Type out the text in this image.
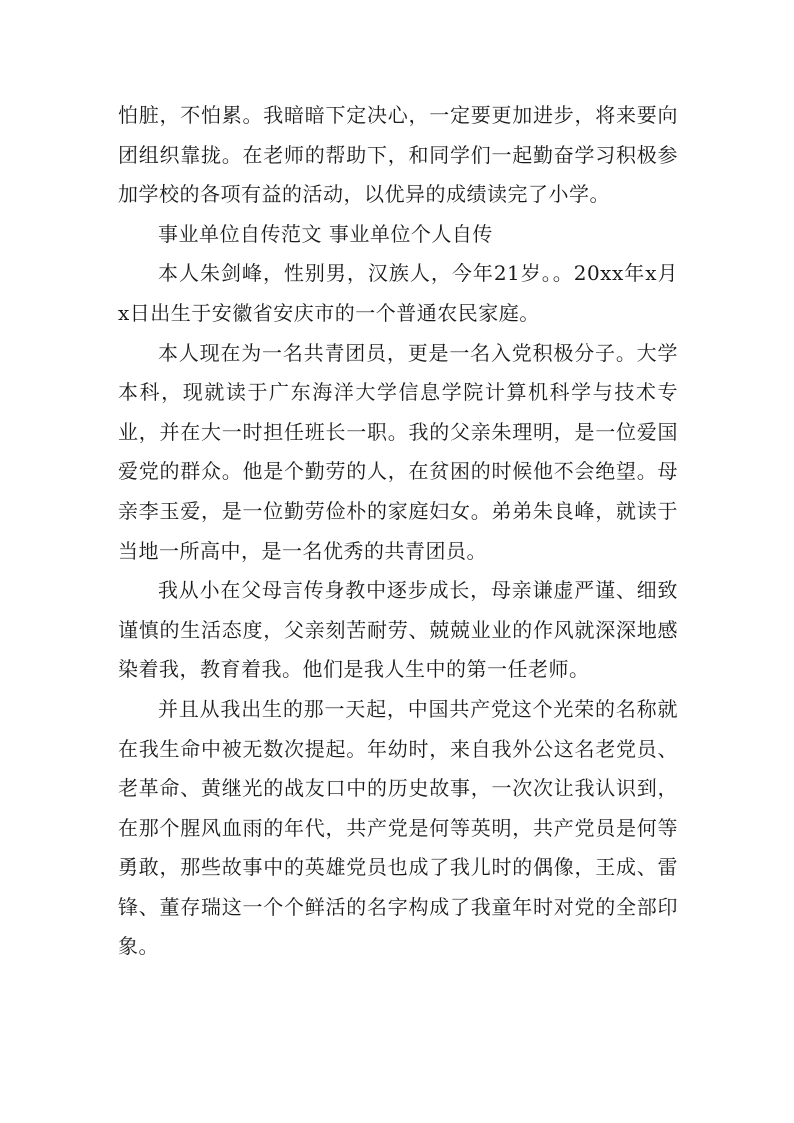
怕脏，不怕累。我暗暗下定决心，一定要更加进步，将来要向团组织靠拢。在老师的帮助下，和同学们一起勤奋学习积极参加学校的各项有益的活动，以优异的成绩读完了小学。

事业单位自传范文 事业单位个人自传

本人朱剑峰，性别男，汉族人，今年21岁。。20xx年x月x日出生于安徽省安庆市的一个普通农民家庭。

本人现在为一名共青团员，更是一名入党积极分子。大学本科，现就读于广东海洋大学信息学院计算机科学与技术专业，并在大一时担任班长一职。我的父亲朱理明，是一位爱国爱党的群众。他是个勤劳的人，在贫困的时候他不会绝望。母亲李玉爱，是一位勤劳俭朴的家庭妇女。弟弟朱良峰，就读于当地一所高中，是一名优秀的共青团员。

我从小在父母言传身教中逐步成长，母亲谦虚严谨、细致谨慎的生活态度，父亲刻苦耐劳、兢兢业业的作风就深深地感染着我，教育着我。他们是我人生中的第一任老师。

并且从我出生的那一天起，中国共产党这个光荣的名称就在我生命中被无数次提起。年幼时，来自我外公这名老党员、老革命、黄继光的战友口中的历史故事，一次次让我认识到，在那个腥风血雨的年代，共产党是何等英明，共产党员是何等勇敢，那些故事中的英雄党员也成了我儿时的偶像，王成、雷锋、董存瑞这一个个鲜活的名字构成了我童年时对党的全部印象。
